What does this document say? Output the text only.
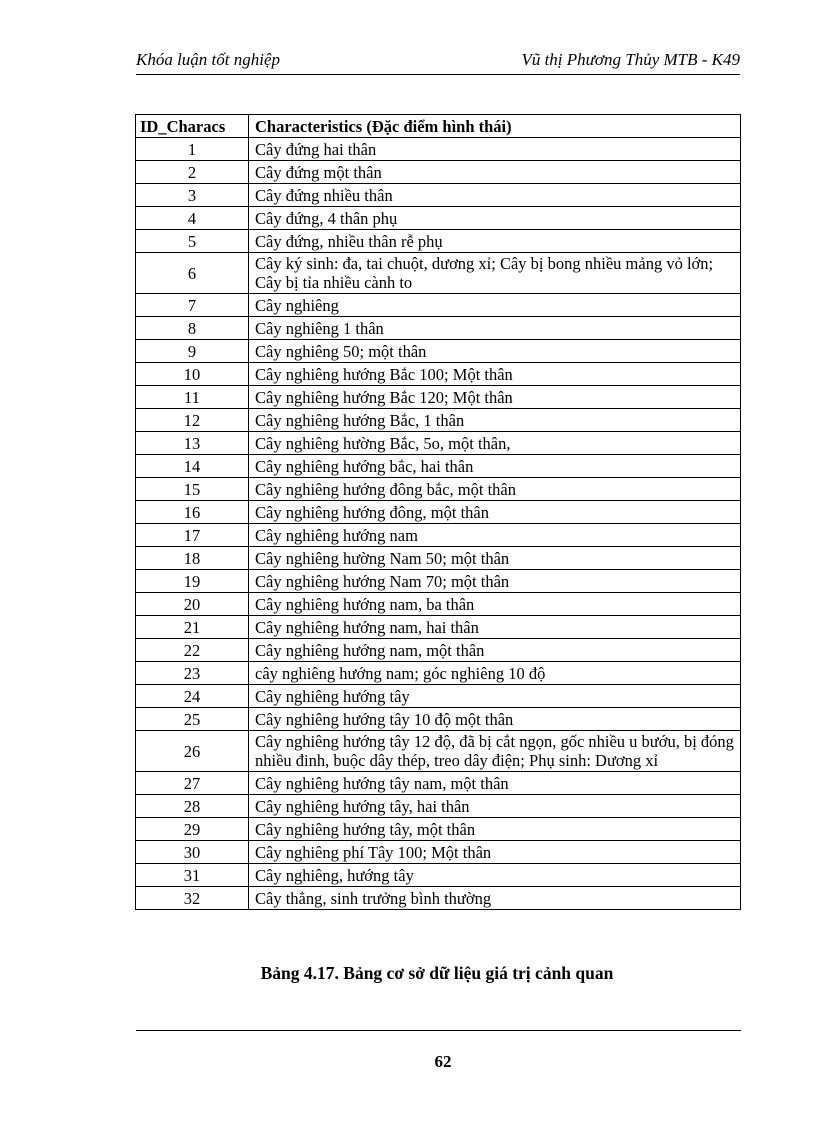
Khóa luận tốt nghiệp	Vũ thị Phương Thủy MTB - K49
ID_Characs	Characteristics (Đặc điểm hình thái)
1	Cây đứng hai thân
2	Cây đứng một thân
3	Cây đứng nhiều thân
4	Cây đứng, 4 thân phụ
5	Cây đứng, nhiều thân rễ phụ
6	Cây ký sinh: đa, tai chuột, dương xỉ; Cây bị bong nhiều mảng vỏ lớn; Cây bị tỉa nhiều cành to
7	Cây nghiêng
8	Cây nghiêng 1 thân
9	Cây nghiêng 50; một thân
10	Cây nghiêng hướng Bắc 100; Một thân
11	Cây nghiêng hướng Bắc 120; Một thân
12	Cây nghiêng hướng Bắc, 1 thân
13	Cây nghiêng hường Bắc, 5o, một thân,
14	Cây nghiêng hướng bắc, hai thân
15	Cây nghiêng hướng đông bắc, một thân
16	Cây nghiêng hướng đông, một thân
17	Cây nghiêng hướng nam
18	Cây nghiêng hường Nam 50; một thân
19	Cây nghiêng hướng Nam 70; một thân
20	Cây nghiêng hướng nam, ba thân
21	Cây nghiêng hướng nam, hai thân
22	Cây nghiêng hướng nam, một thân
23	cây nghiêng hướng nam; góc nghiêng 10 độ
24	Cây nghiêng hướng tây
25	Cây nghiêng hướng tây 10 độ một thân
26	Cây nghiêng hướng tây 12 độ, đã bị cắt ngọn, gốc nhiều u bướu, bị đóng nhiều đinh, buộc dây thép, treo dây điện; Phụ sinh: Dương xỉ
27	Cây nghiêng hướng tây nam, một thân
28	Cây nghiêng hướng tây, hai thân
29	Cây nghiêng hướng tây, một thân
30	Cây nghiêng phí Tây 100; Một thân
31	Cây nghiêng, hướng tây
32	Cây thẳng, sinh trưởng bình thường
Bảng 4.17. Bảng cơ sở dữ liệu giá trị cảnh quan
62
